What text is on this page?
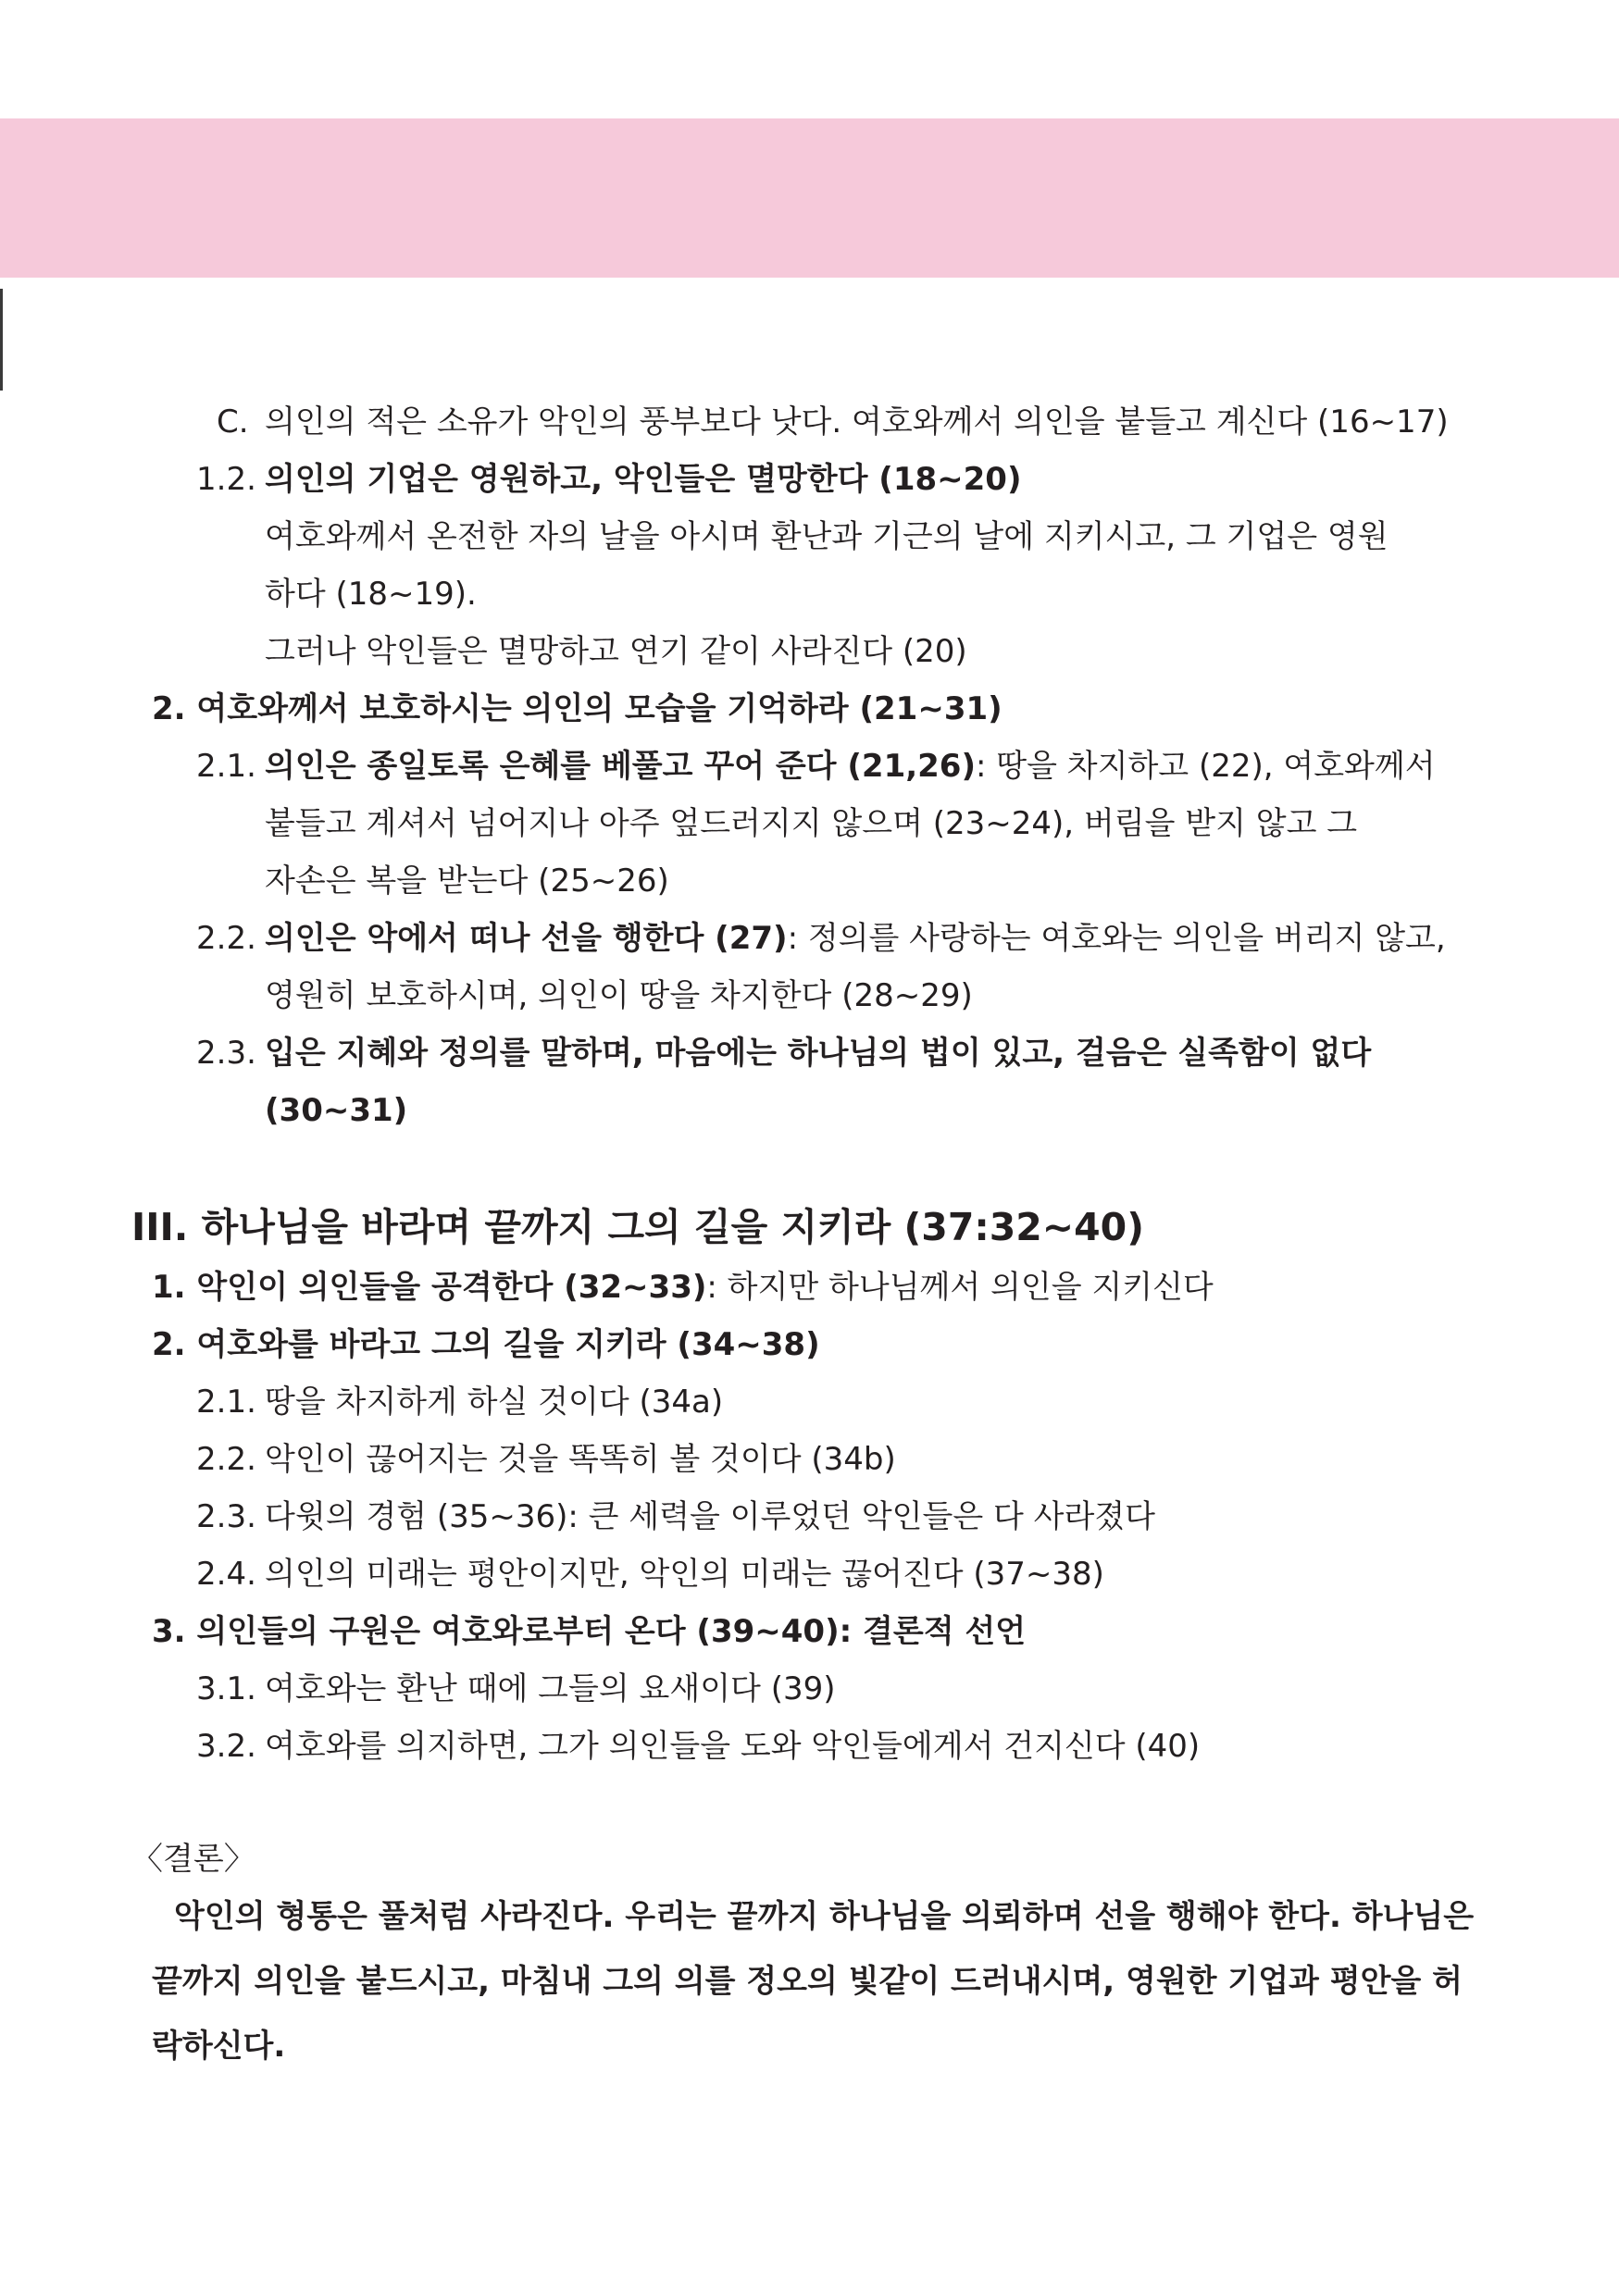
5
C. 의인의 적은 소유가 악인의 풍부보다 낫다. 여호와께서 의인을 붙들고 계신다 (16~17)
1.2. 의인의 기업은 영원하고, 악인들은 멸망한다 (18~20)
여호와께서 온전한 자의 날을 아시며 환난과 기근의 날에 지키시고, 그 기업은 영원
하다 (18~19).
그러나 악인들은 멸망하고 연기 같이 사라진다 (20)
2. 여호와께서 보호하시는 의인의 모습을 기억하라 (21~31)
2.1. 의인은 종일토록 은혜를 베풀고 꾸어 준다 (21,26): 땅을 차지하고 (22), 여호와께서
붙들고 계셔서 넘어지나 아주 엎드러지지 않으며 (23~24), 버림을 받지 않고 그
자손은 복을 받는다 (25~26)
2.2. 의인은 악에서 떠나 선을 행한다 (27): 정의를 사랑하는 여호와는 의인을 버리지 않고,
영원히 보호하시며, 의인이 땅을 차지한다 (28~29)
2.3. 입은 지혜와 정의를 말하며, 마음에는 하나님의 법이 있고, 걸음은 실족함이 없다
(30~31)
III. 하나님을 바라며 끝까지 그의 길을 지키라 (37:32~40)
1. 악인이 의인들을 공격한다 (32~33): 하지만 하나님께서 의인을 지키신다
2. 여호와를 바라고 그의 길을 지키라 (34~38)
2.1. 땅을 차지하게 하실 것이다 (34a)
2.2. 악인이 끊어지는 것을 똑똑히 볼 것이다 (34b)
2.3. 다윗의 경험 (35~36): 큰 세력을 이루었던 악인들은 다 사라졌다
2.4. 의인의 미래는 평안이지만, 악인의 미래는 끊어진다 (37~38)
3. 의인들의 구원은 여호와로부터 온다 (39~40): 결론적 선언
3.1. 여호와는 환난 때에 그들의 요새이다 (39)
3.2. 여호와를 의지하면, 그가 의인들을 도와 악인들에게서 건지신다 (40)
〈결론〉
악인의 형통은 풀처럼 사라진다. 우리는 끝까지 하나님을 의뢰하며 선을 행해야 한다. 하나님은
끝까지 의인을 붙드시고, 마침내 그의 의를 정오의 빛같이 드러내시며, 영원한 기업과 평안을 허
락하신다.
